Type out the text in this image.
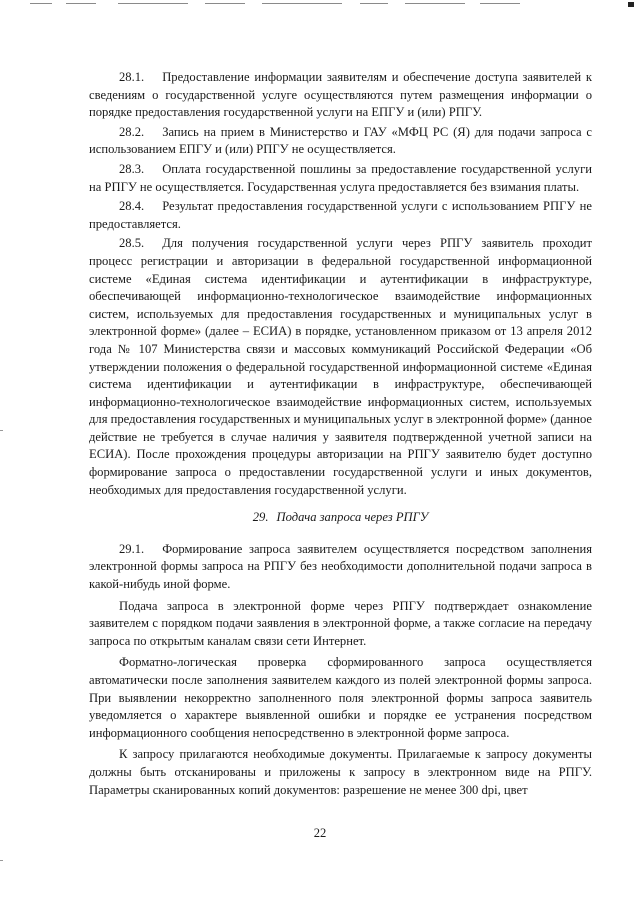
28.1. Предоставление информации заявителям и обеспечение доступа заявителей к сведениям о государственной услуге осуществляются путем размещения информации о порядке предоставления государственной услуги на ЕПГУ и (или) РПГУ.

28.2. Запись на прием в Министерство и ГАУ «МФЦ РС (Я) для подачи запроса с использованием ЕПГУ и (или) РПГУ не осуществляется.

28.3. Оплата государственной пошлины за предоставление государственной услуги на РПГУ не осуществляется. Государственная услуга предоставляется без взимания платы.

28.4. Результат предоставления государственной услуги с использованием РПГУ не предоставляется.

28.5. Для получения государственной услуги через РПГУ заявитель проходит процесс регистрации и авторизации в федеральной государственной информационной системе «Единая система идентификации и аутентификации в инфраструктуре, обеспечивающей информационно-технологическое взаимодействие информационных систем, используемых для предоставления государственных и муниципальных услуг в электронной форме» (далее – ЕСИА) в порядке, установленном приказом от 13 апреля 2012 года № 107 Министерства связи и массовых коммуникаций Российской Федерации «Об утверждении положения о федеральной государственной информационной системе «Единая система идентификации и аутентификации в инфраструктуре, обеспечивающей информационно-технологическое взаимодействие информационных систем, используемых для предоставления государственных и муниципальных услуг в электронной форме» (данное действие не требуется в случае наличия у заявителя подтвержденной учетной записи на ЕСИА). После прохождения процедуры авторизации на РПГУ заявителю будет доступно формирование запроса о предоставлении государственной услуги и иных документов, необходимых для предоставления государственной услуги.

29. Подача запроса через РПГУ

29.1. Формирование запроса заявителем осуществляется посредством заполнения электронной формы запроса на РПГУ без необходимости дополнительной подачи запроса в какой-нибудь иной форме.

Подача запроса в электронной форме через РПГУ подтверждает ознакомление заявителем с порядком подачи заявления в электронной форме, а также согласие на передачу запроса по открытым каналам связи сети Интернет.

Форматно-логическая проверка сформированного запроса осуществляется автоматически после заполнения заявителем каждого из полей электронной формы запроса. При выявлении некорректно заполненного поля электронной формы запроса заявитель уведомляется о характере выявленной ошибки и порядке ее устранения посредством информационного сообщения непосредственно в электронной форме запроса.

К запросу прилагаются необходимые документы. Прилагаемые к запросу документы должны быть отсканированы и приложены к запросу в электронном виде на РПГУ. Параметры сканированных копий документов: разрешение не менее 300 dpi, цвет

22
